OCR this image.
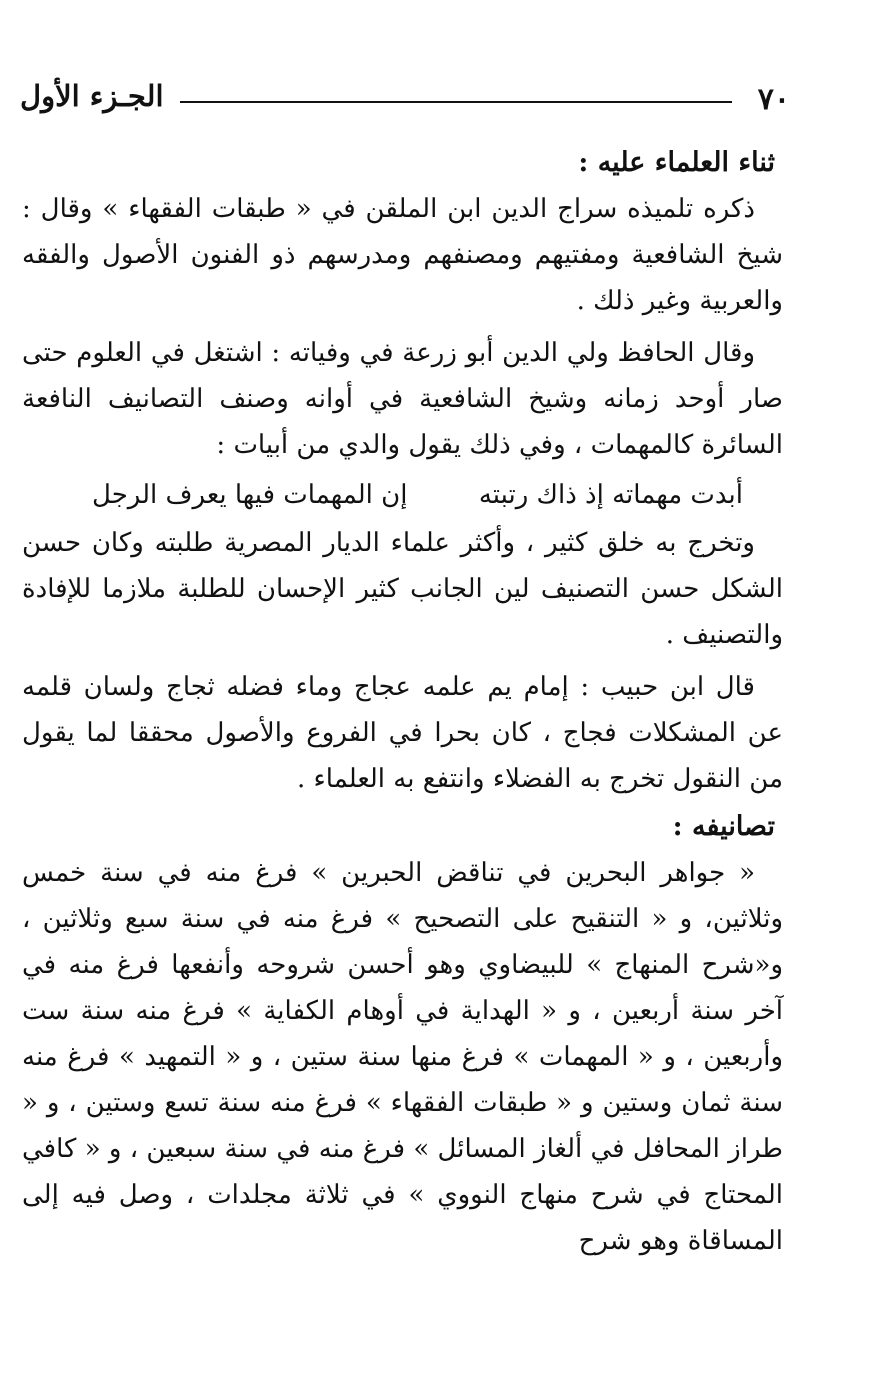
٧٠
الجـزء الأول

ثناء العلماء عليه :

ذكره تلميذه سراج الدين ابن الملقن في « طبقات الفقهاء » وقال : شيخ الشافعية ومفتيهم ومصنفهم ومدرسهم ذو الفنون الأصول والفقه والعربية وغير ذلك .

وقال الحافظ ولي الدين أبو زرعة في وفياته : اشتغل في العلوم حتى صار أوحد زمانه وشيخ الشافعية في أوانه وصنف التصانيف النافعة السائرة كالمهمات ، وفي ذلك يقول والدي من أبيات :

أبدت مهماته إذ ذاك رتبته
إن المهمات فيها يعرف الرجل

وتخرج به خلق كثير ، وأكثر علماء الديار المصرية طلبته وكان حسن الشكل حسن التصنيف لين الجانب كثير الإحسان للطلبة ملازما للإفادة والتصنيف .

قال ابن حبيب : إمام يم علمه عجاج وماء فضله ثجاج ولسان قلمه عن المشكلات فجاج ، كان بحرا في الفروع والأصول محققا لما يقول من النقول تخرج به الفضلاء وانتفع به العلماء .

تصانيفه :

« جواهر البحرين في تناقض الحبرين » فرغ منه في سنة خمس وثلاثين، و « التنقيح على التصحيح » فرغ منه في سنة سبع وثلاثين ، و«شرح المنهاج » للبيضاوي وهو أحسن شروحه وأنفعها فرغ منه في آخر سنة أربعين ، و « الهداية في أوهام الكفاية » فرغ منه سنة ست وأربعين ، و « المهمات » فرغ منها سنة ستين ، و « التمهيد » فرغ منه سنة ثمان وستين و « طبقات الفقهاء » فرغ منه سنة تسع وستين ، و « طراز المحافل في ألغاز المسائل » فرغ منه في سنة سبعين ، و « كافي المحتاج في شرح منهاج النووي » في ثلاثة مجلدات ، وصل فيه إلى المساقاة وهو شرح
